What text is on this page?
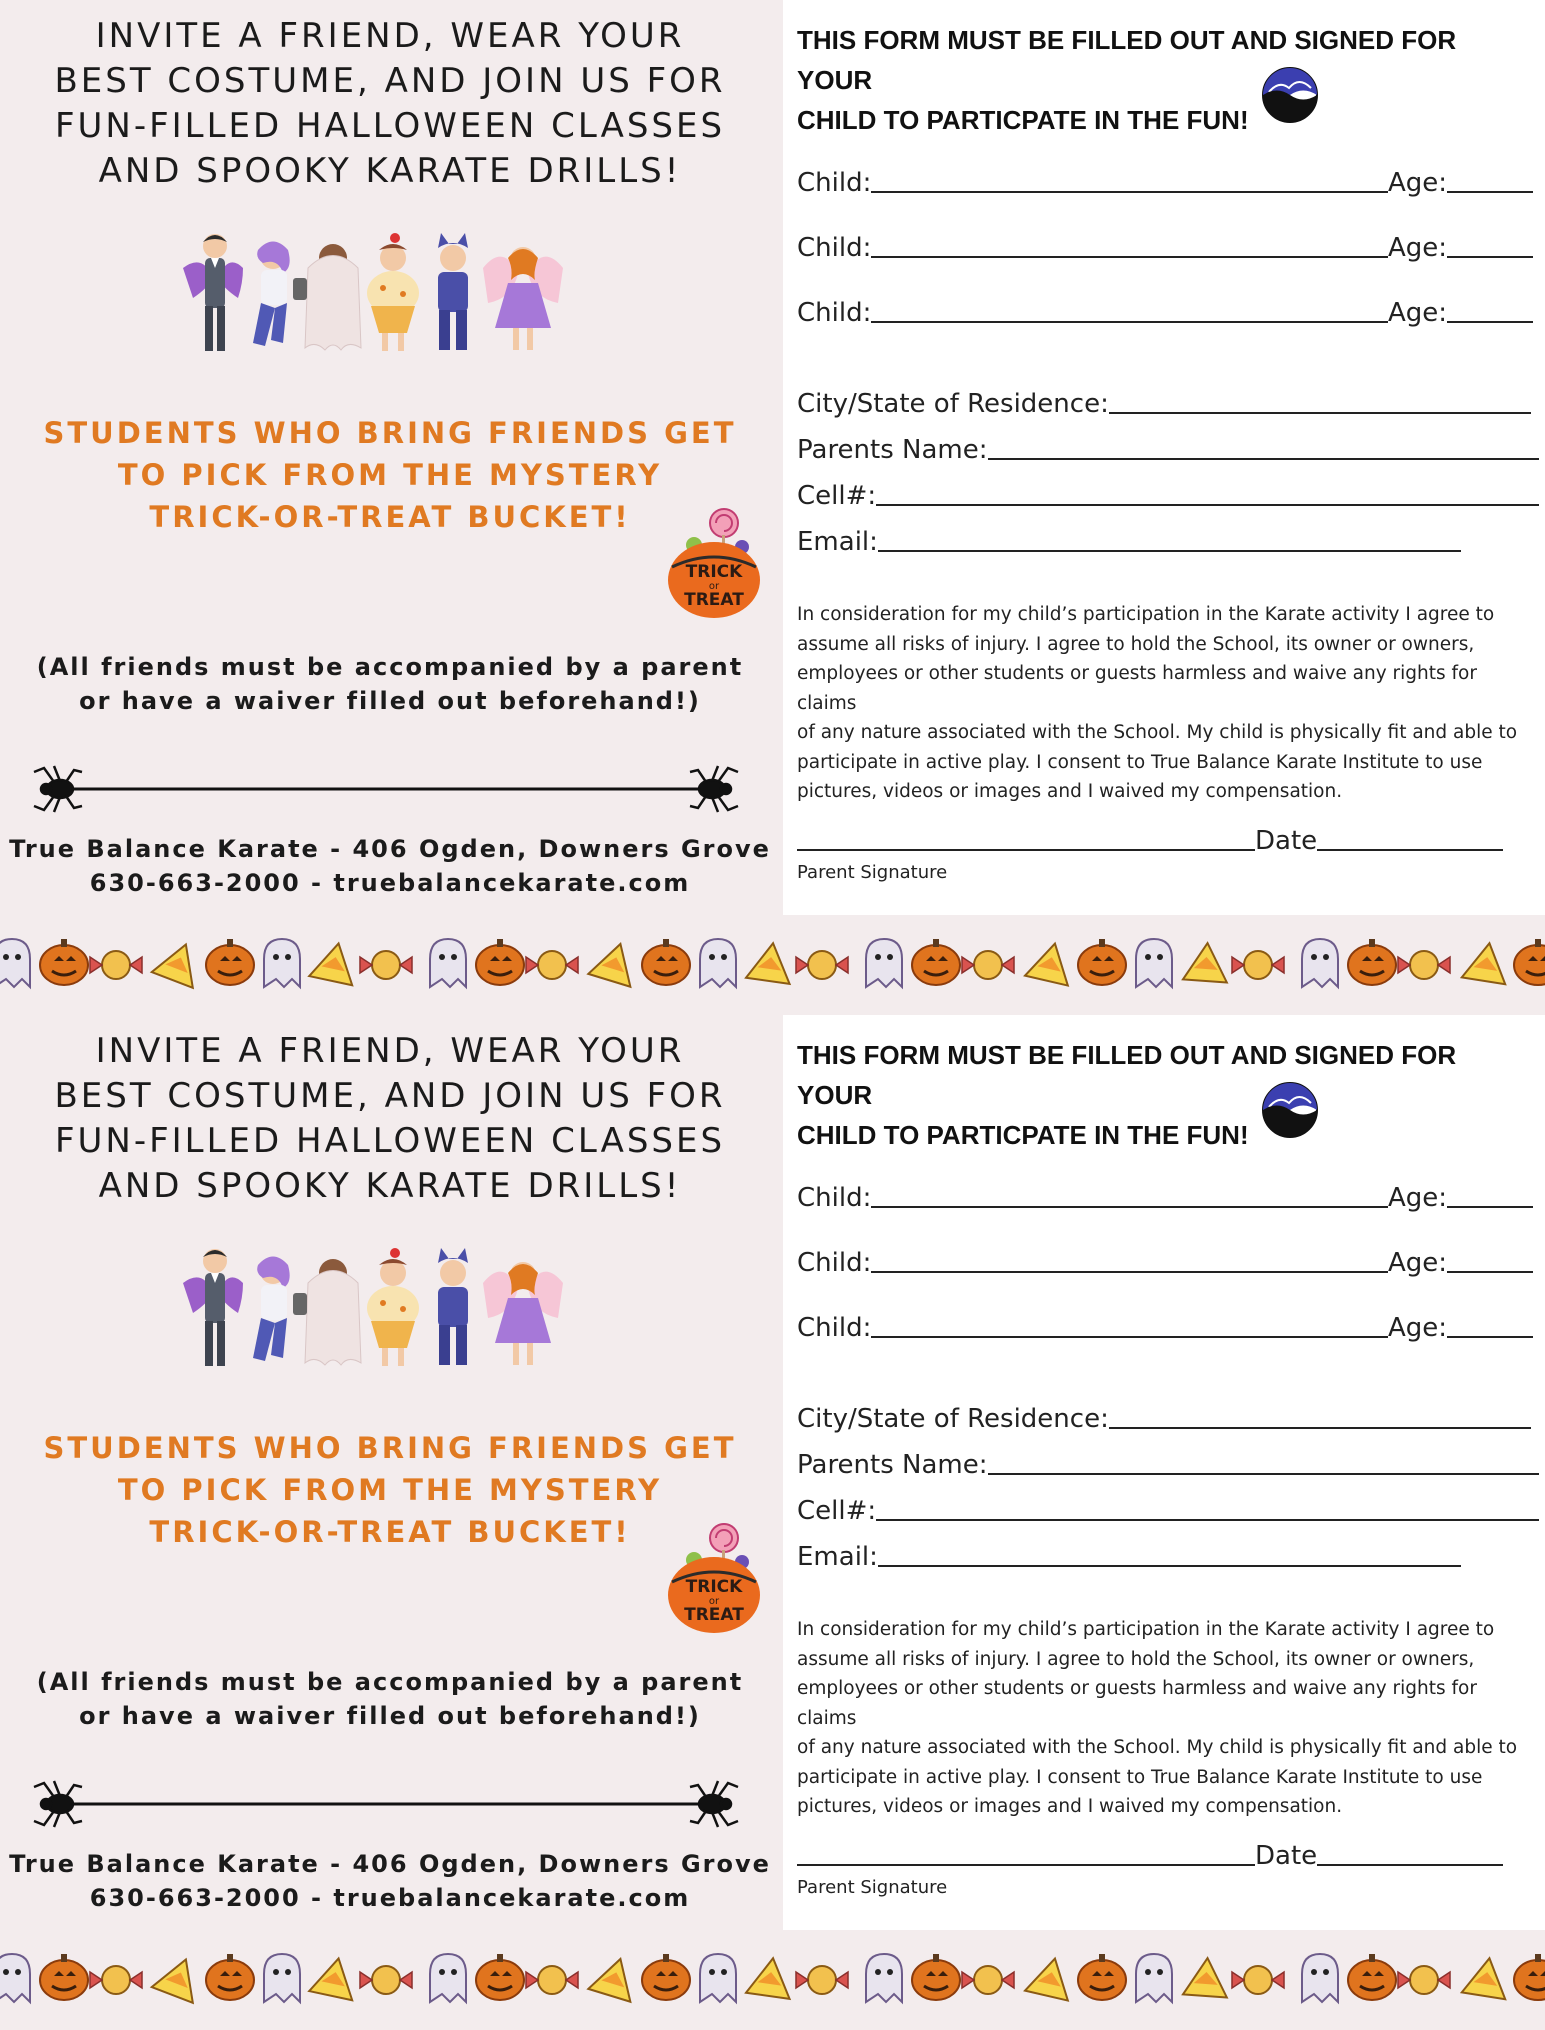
INVITE A FRIEND, WEAR YOUR
BEST COSTUME, AND JOIN US FOR
FUN-FILLED HALLOWEEN CLASSES
AND SPOOKY KARATE DRILLS!
STUDENTS WHO BRING FRIENDS GET
TO PICK FROM THE MYSTERY
TRICK-OR-TREAT BUCKET!
TRICK
or
TREAT

(All friends must be accompanied by a parent
or have a waiver filled out beforehand!)

True Balance Karate - 406 Ogden, Downers Grove
630-663-2000 - truebalancekarate.com
THIS FORM MUST BE FILLED OUT AND SIGNED FOR YOUR
CHILD TO PARTICPATE IN THE FUN!
Child:	Age:
Child:	Age:
Child:	Age:
City/State of Residence:
Parents Name:
Cell#:
Email:

In consideration for my child’s participation in the Karate activity I agree to
assume all risks of injury. I agree to hold the School, its owner or owners,
employees or other students or guests harmless and waive any rights for claims
of any nature associated with the School. My child is physically fit and able to
participate in active play. I consent to True Balance Karate Institute to use
pictures, videos or images and I waived my compensation.

Date
Parent Signature
INVITE A FRIEND, WEAR YOUR
BEST COSTUME, AND JOIN US FOR
FUN-FILLED HALLOWEEN CLASSES
AND SPOOKY KARATE DRILLS!
STUDENTS WHO BRING FRIENDS GET
TO PICK FROM THE MYSTERY
TRICK-OR-TREAT BUCKET!
TRICK
or
TREAT

(All friends must be accompanied by a parent
or have a waiver filled out beforehand!)

True Balance Karate - 406 Ogden, Downers Grove
630-663-2000 - truebalancekarate.com
THIS FORM MUST BE FILLED OUT AND SIGNED FOR YOUR
CHILD TO PARTICPATE IN THE FUN!
Child:	Age:
Child:	Age:
Child:	Age:
City/State of Residence:
Parents Name:
Cell#:
Email:

In consideration for my child’s participation in the Karate activity I agree to
assume all risks of injury. I agree to hold the School, its owner or owners,
employees or other students or guests harmless and waive any rights for claims
of any nature associated with the School. My child is physically fit and able to
participate in active play. I consent to True Balance Karate Institute to use
pictures, videos or images and I waived my compensation.

Date
Parent Signature
